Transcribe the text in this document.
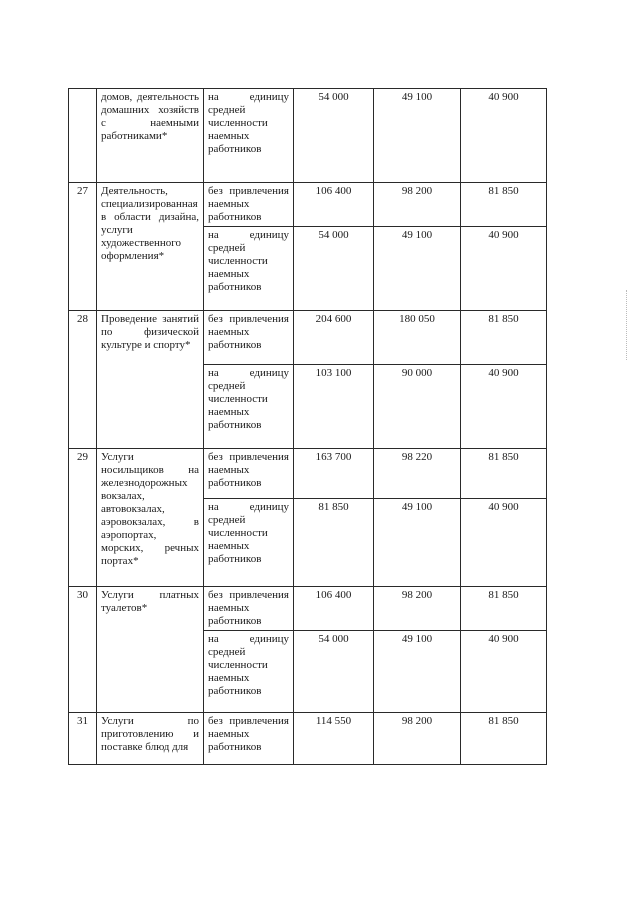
	домов, деятельность домашних хозяйств с наемными работниками*	на единицу средней численности наемных работников	54 000	49 100	40 900
27	Деятельность, специализированная в области дизайна, услуги художественного оформления*	без привлечения наемных работников	106 400	98 200	81 850
		на единицу средней численности наемных работников	54 000	49 100	40 900
28	Проведение занятий по физической культуре и спорту*	без привлечения наемных работников	204 600	180 050	81 850
		на единицу средней численности наемных работников	103 100	90 000	40 900
29	Услуги носильщиков на железнодорожных вокзалах, автовокзалах, аэровокзалах, в аэропортах, морских, речных портах*	без привлечения наемных работников	163 700	98 220	81 850
		на единицу средней численности наемных работников	81 850	49 100	40 900
30	Услуги платных туалетов*	без привлечения наемных работников	106 400	98 200	81 850
		на единицу средней численности наемных работников	54 000	49 100	40 900
31	Услуги по приготовлению и поставке блюд для	без привлечения наемных работников	114 550	98 200	81 850
